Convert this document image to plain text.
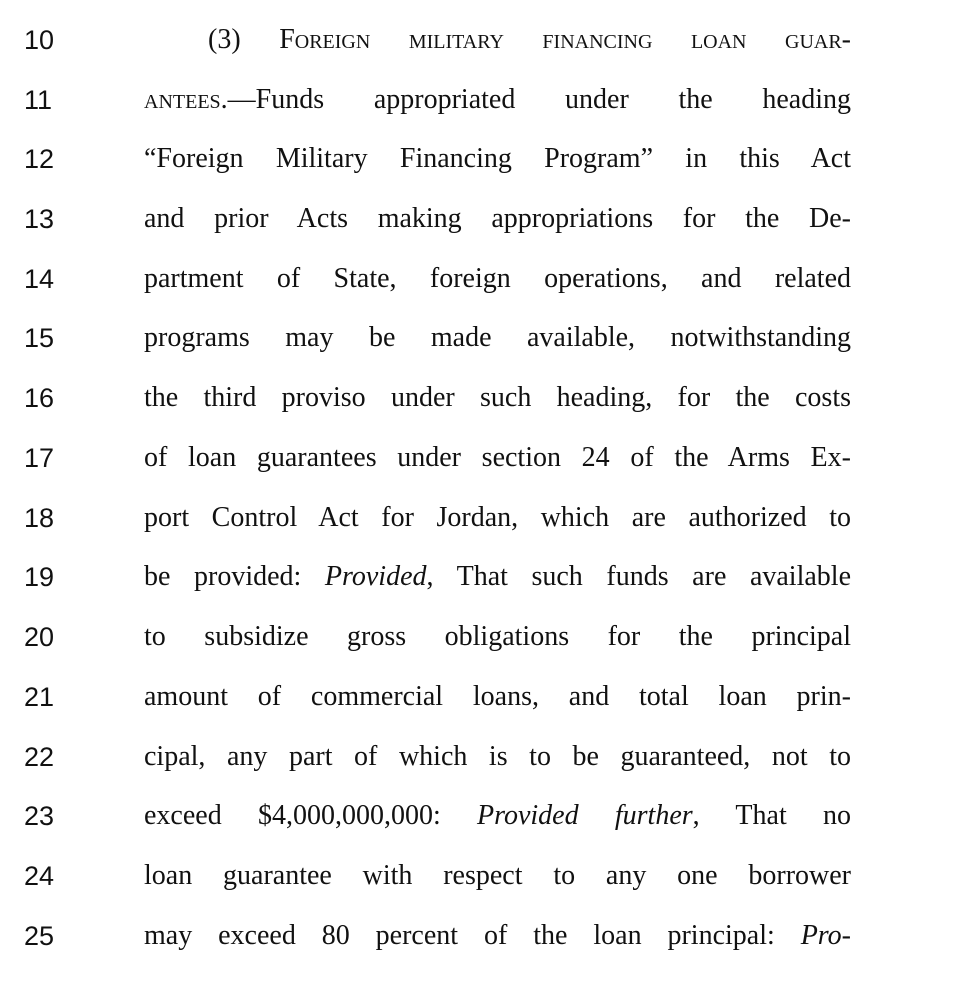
10	(3) Foreign military financing loan guar-
11	antees.—Funds appropriated under the heading
12	“Foreign Military Financing Program” in this Act
13	and prior Acts making appropriations for the De-
14	partment of State, foreign operations, and related
15	programs may be made available, notwithstanding
16	the third proviso under such heading, for the costs
17	of loan guarantees under section 24 of the Arms Ex-
18	port Control Act for Jordan, which are authorized to
19	be provided: Provided, That such funds are available
20	to subsidize gross obligations for the principal
21	amount of commercial loans, and total loan prin-
22	cipal, any part of which is to be guaranteed, not to
23	exceed $4,000,000,000: Provided further, That no
24	loan guarantee with respect to any one borrower
25	may exceed 80 percent of the loan principal: Pro-
